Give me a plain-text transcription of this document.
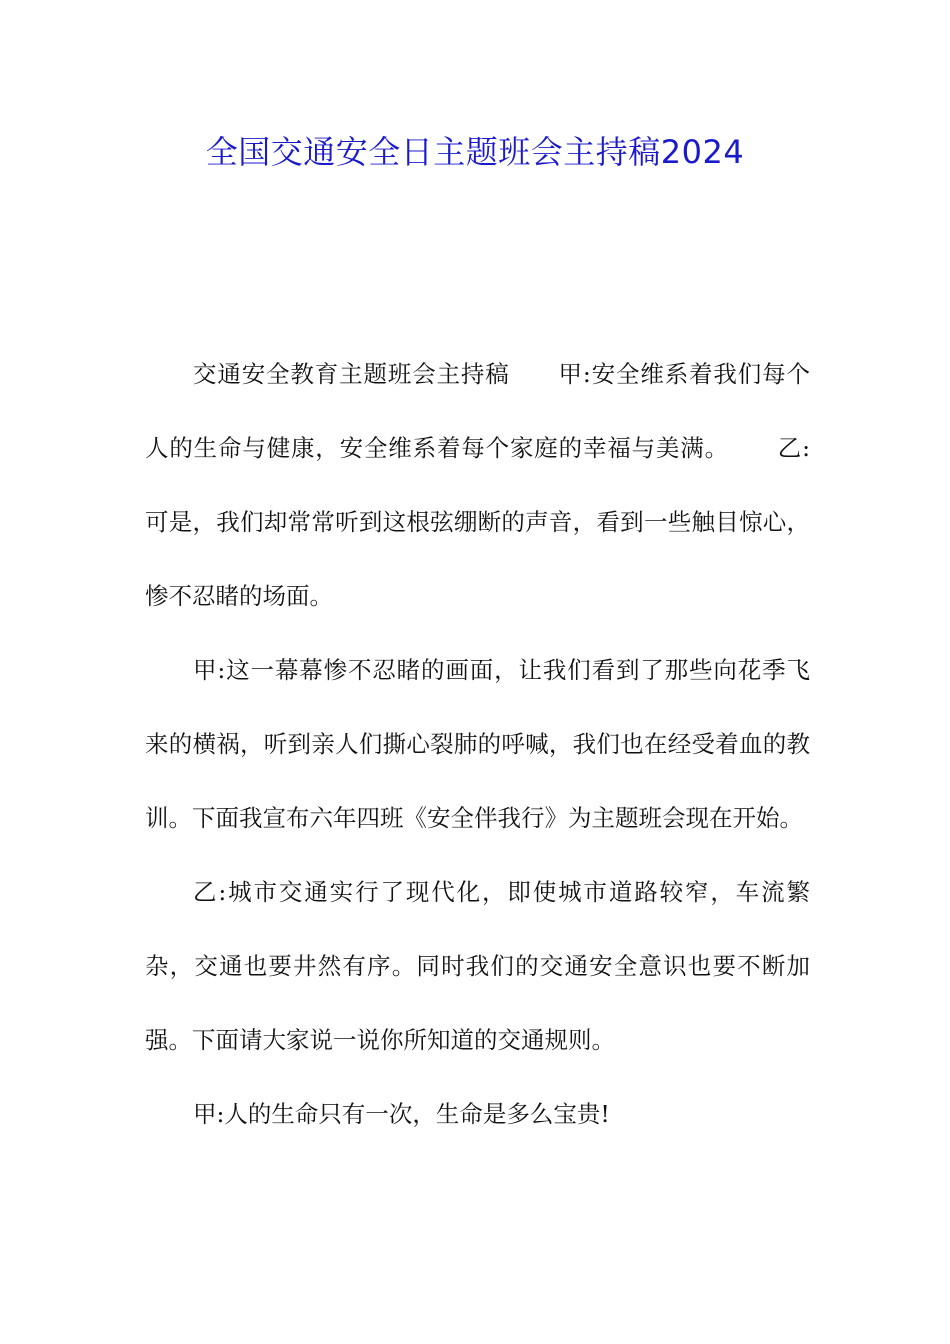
全国交通安全日主题班会主持稿2024

交通安全教育主题班会主持稿 甲:安全维系着我们每个人的生命与健康，安全维系着每个家庭的幸福与美满。 乙:可是，我们却常常听到这根弦绷断的声音，看到一些触目惊心，惨不忍睹的场面。

甲:这一幕幕惨不忍睹的画面，让我们看到了那些向花季飞来的横祸，听到亲人们撕心裂肺的呼喊，我们也在经受着血的教训。下面我宣布六年四班《安全伴我行》为主题班会现在开始。

乙:城市交通实行了现代化，即使城市道路较窄，车流繁杂，交通也要井然有序。同时我们的交通安全意识也要不断加强。下面请大家说一说你所知道的交通规则。

甲:人的生命只有一次，生命是多么宝贵!
